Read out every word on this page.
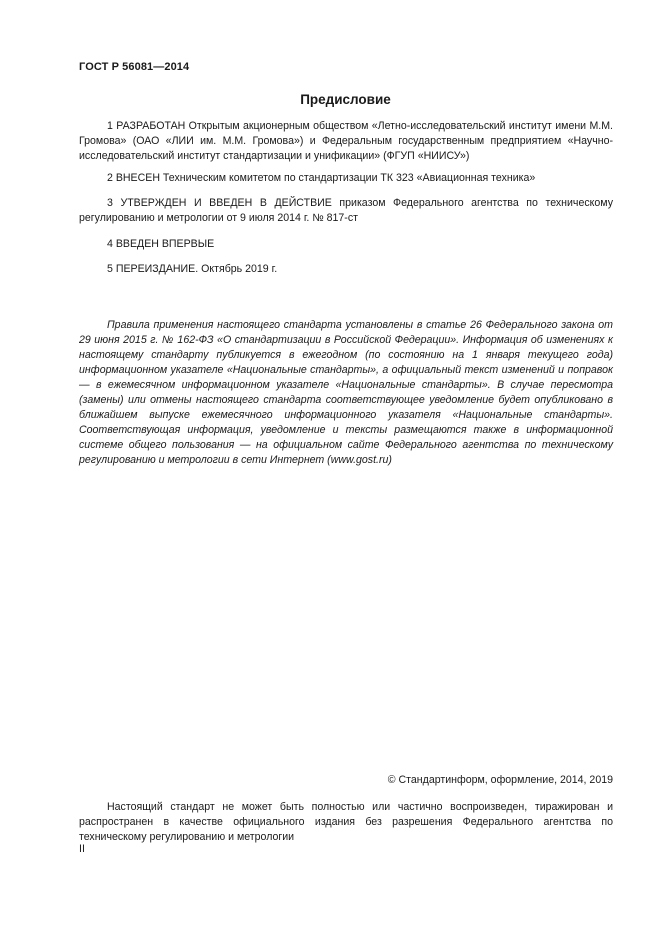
ГОСТ Р 56081—2014
Предисловие

1 РАЗРАБОТАН Открытым акционерным обществом «Летно-исследовательский институт имени М.М. Громова» (ОАО «ЛИИ им. М.М. Громова») и Федеральным государственным предприятием «Научно-исследовательский институт стандартизации и унификации» (ФГУП «НИИСУ»)

2 ВНЕСЕН Техническим комитетом по стандартизации ТК 323 «Авиационная техника»

3 УТВЕРЖДЕН И ВВЕДЕН В ДЕЙСТВИЕ приказом Федерального агентства по техническому регулированию и метрологии от 9 июля 2014 г. № 817-ст

4 ВВЕДЕН ВПЕРВЫЕ

5 ПЕРЕИЗДАНИЕ. Октябрь 2019 г.

Правила применения настоящего стандарта установлены в статье 26 Федерального закона от 29 июня 2015 г. № 162-ФЗ «О стандартизации в Российской Федерации». Информация об изменениях к настоящему стандарту публикуется в ежегодном (по состоянию на 1 января текущего года) информационном указателе «Национальные стандарты», а официальный текст изменений и поправок — в ежемесячном информационном указателе «Национальные стандарты». В случае пересмотра (замены) или отмены настоящего стандарта соответствующее уведомление будет опубликовано в ближайшем выпуске ежемесячного информационного указателя «Национальные стандарты». Соответствующая информация, уведомление и тексты размещаются также в информационной системе общего пользования — на официальном сайте Федерального агентства по техническому регулированию и метрологии в сети Интернет (www.gost.ru)

© Стандартинформ, оформление, 2014, 2019

Настоящий стандарт не может быть полностью или частично воспроизведен, тиражирован и распространен в качестве официального издания без разрешения Федерального агентства по техническому регулированию и метрологии

II
